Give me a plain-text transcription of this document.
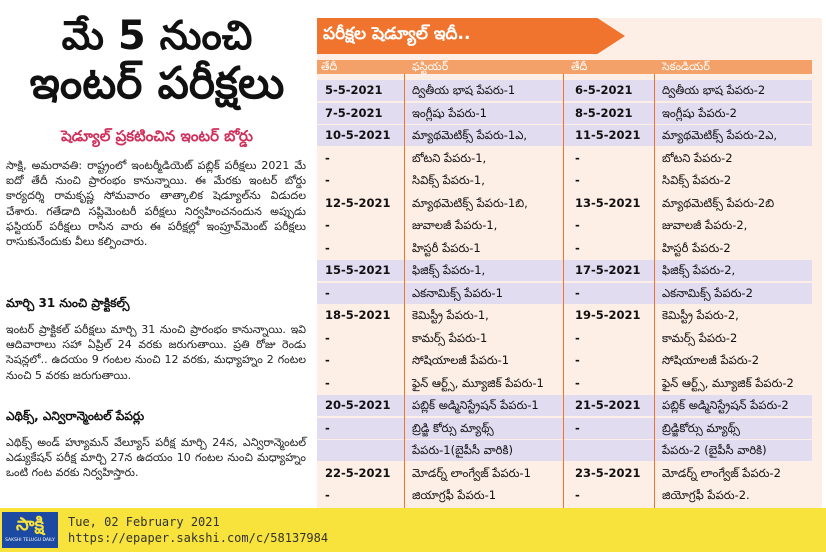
మే 5 నుంచి
ఇంటర్ పరీక్షలు
షెడ్యూల్ ప్రకటించిన ఇంటర్ బోర్డు
సాక్షి, అమరావతి: రాష్ట్రంలో ఇంటర్మీడియెట్ పబ్లిక్ పరీక్షలు 2021 మే ఐదో తేదీ నుంచి ప్రారంభం కానున్నాయి. ఈ మేరకు ఇంటర్ బోర్డు కార్యదర్శి రామకృష్ణ సోమవారం తాత్కాలిక షెడ్యూల్‌ను విడుదల చేశారు. గతేడాది సప్లిమెంటరీ పరీక్షలు నిర్వహించనందున అప్పుడు ఫస్టియర్ పరీక్షలు రాసిన వారు ఈ పరీక్షల్లో ఇంప్రూవ్‌మెంట్ పరీక్షలు రాసుకునేందుకు వీలు కల్పించారు.
మార్చి 31 నుంచి ప్రాక్టికల్స్
ఇంటర్ ప్రాక్టికల్ పరీక్షలు మార్చి 31 నుంచి ప్రారంభం కానున్నాయి. ఇవి ఆదివారాలు సహా ఏప్రిల్ 24 వరకు జరుగుతాయి. ప్రతి రోజు రెండు సెషన్లలో.. ఉదయం 9 గంటల నుంచి 12 వరకు, మధ్యాహ్నం 2 గంటల నుంచి 5 వరకు జరుగుతాయి.
ఎథిక్స్, ఎన్విరాన్మెంటల్ పేపర్లు
ఎథిక్స్ అండ్ హ్యూమన్ వేల్యూస్ పరీక్ష మార్చి 24న, ఎన్విరాన్మెంటల్ ఎడ్యుకేషన్ పరీక్ష మార్చి 27న ఉదయం 10 గంటల నుంచి మధ్యాహ్నం ఒంటి గంట వరకు నిర్వహిస్తారు.
పరీక్షల షెడ్యూల్ ఇదీ..
తేదీ	ఫస్టియర్	తేదీ	సెకండియర్
5-5-2021	ద్వితీయ భాష పేపరు-1	6-5-2021	ద్వితీయ భాష పేపరు-2
7-5-2021	ఇంగ్లీషు పేపరు-1	8-5-2021	ఇంగ్లీషు పేపరు-2
10-5-2021 మ్యాథమెటిక్స్ పేపరు-1ఎ,	11-5-2021 మ్యాథమెటిక్స్ పేపరు-2ఎ,
-	బోటని పేపరు-1,	-	బోటని పేపరు-2
-	సివిక్స్ పేపరు-1,	-	సివిక్స్ పేపరు-2
12-5-2021 మ్యాథమెటిక్స్ పేపరు-1బి,	13-5-2021 మ్యాథమెటిక్స్ పేపరు-2బి
-	జువాలజీ పేపరు-1,	-	జువాలజీ పేపరు-2,
-	హిస్టరీ పేపరు-1	-	హిస్టరీ పేపరు-2
15-5-2021 ఫిజిక్స్ పేపరు-1,	17-5-2021 ఫిజిక్స్ పేపరు-2,
-	ఎకనామిక్స్ పేపరు-1	-	ఎకనామిక్స్ పేపరు-2
18-5-2021 కెమిస్ట్రీ పేపరు-1,	19-5-2021 కెమిస్ట్రీ పేపరు-2,
-	కామర్స్ పేపరు-1	-	కామర్స్ పేపరు-2
-	సోషియాలజీ పేపరు-1	-	సోషియాలజీ పేపరు-2
-	ఫైన్ ఆర్ట్స్, మ్యూజిక్ పేపరు-1	-	ఫైన్ ఆర్ట్స్, మ్యూజిక్ పేపరు-2
20-5-2021 పబ్లిక్ అడ్మినిస్ట్రేషన్ పేపరు-1	21-5-2021 పబ్లిక్ అడ్మినిస్ట్రేషన్ పేపరు-2
-	బ్రిడ్జి కోర్సు మ్యాథ్స్	-	బ్రిడ్జికోర్సు మ్యాథ్స్
పేపరు-1(బైపీసీ వారికి)	పేపరు-2 (బైపీసీ వారికి)
22-5-2021 మోడర్న్ లాంగ్వేజ్ పేపరు-1	23-5-2021 మోడర్న్ లాంగ్వేజ్ పేపరు-2
-	జియాగ్రఫీ పేపరు-1	-	జియోగ్రఫీ పేపరు-2.
సాక్షి
SAKSHI TELUGU DAILY
Tue, 02 February 2021
https://epaper.sakshi.com/c/58137984
